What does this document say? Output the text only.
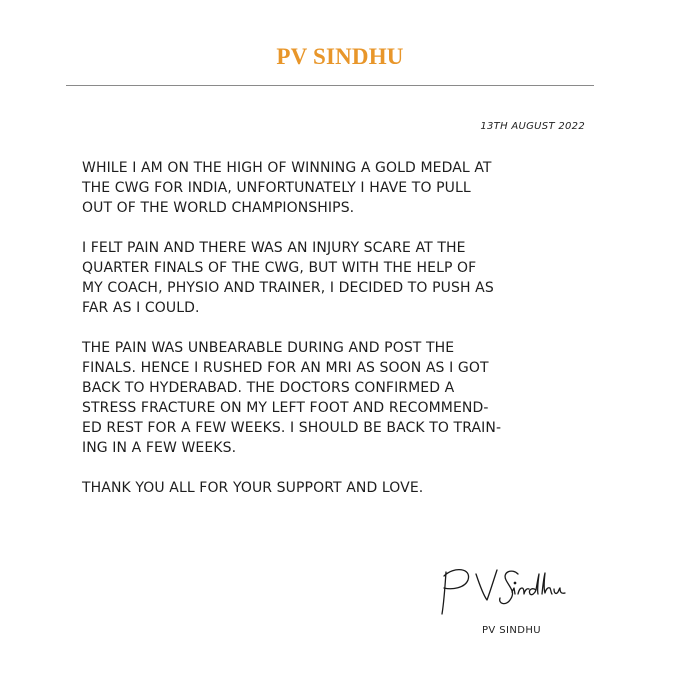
PV SINDHU
13TH AUGUST 2022

WHILE I AM ON THE HIGH OF WINNING A GOLD MEDAL AT
THE CWG FOR INDIA, UNFORTUNATELY I HAVE TO PULL
OUT OF THE WORLD CHAMPIONSHIPS.

I FELT PAIN AND THERE WAS AN INJURY SCARE AT THE
QUARTER FINALS OF THE CWG, BUT WITH THE HELP OF
MY COACH, PHYSIO AND TRAINER, I DECIDED TO PUSH AS
FAR AS I COULD.

THE PAIN WAS UNBEARABLE DURING AND POST THE
FINALS. HENCE I RUSHED FOR AN MRI AS SOON AS I GOT
BACK TO HYDERABAD. THE DOCTORS CONFIRMED A
STRESS FRACTURE ON MY LEFT FOOT AND RECOMMEND-
ED REST FOR A FEW WEEKS. I SHOULD BE BACK TO TRAIN-
ING IN A FEW WEEKS.

THANK YOU ALL FOR YOUR SUPPORT AND LOVE.

PV SINDHU
